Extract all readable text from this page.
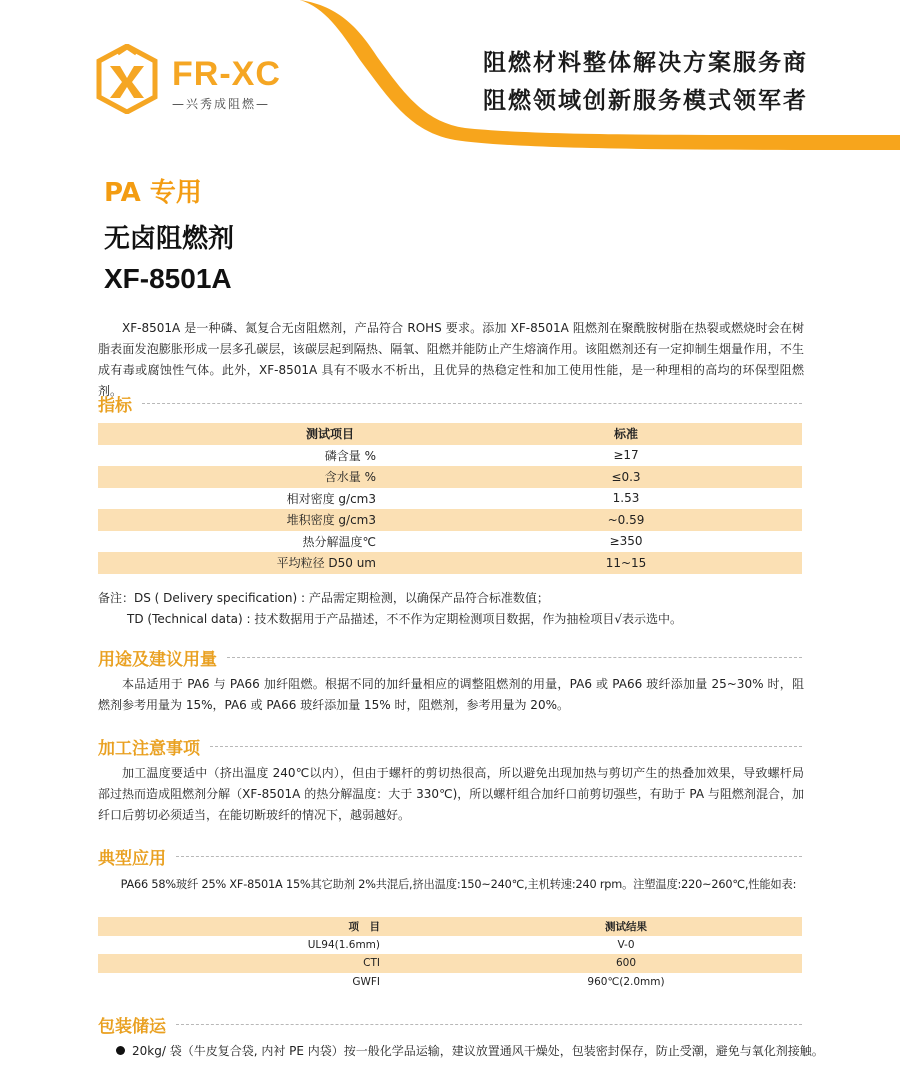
FR-XC
—兴秀成阻燃—
阻燃材料整体解决方案服务商
阻燃领域创新服务模式领军者
PA 专用
无卤阻燃剂
XF-8501A

XF-8501A 是一种磷、氮复合无卤阻燃剂，产品符合 ROHS 要求。添加 XF-8501A 阻燃剂在聚酰胺树脂在热裂或燃烧时会在树脂表面发泡膨胀形成一层多孔碳层，该碳层起到隔热、隔氧、阻燃并能防止产生熔滴作用。该阻燃剂还有一定抑制生烟量作用，不生成有毒或腐蚀性气体。此外，XF-8501A 具有不吸水不析出，且优异的热稳定性和加工使用性能，是一种理相的高均的环保型阻燃剂。

指标
测试项目	标准
磷含量 %	≥17
含水量 %	≤0.3
相对密度 g/cm3	1.53
堆积密度 g/cm3	~0.59
热分解温度℃	≥350
平均粒径 D50 um	11~15
备注：DS ( Delivery specification) : 产品需定期检测，以确保产品符合标准数值；
TD (Technical data) : 技术数据用于产品描述，不不作为定期检测项目数据，作为抽检项目√表示选中。
用途及建议用量

本品适用于 PA6 与 PA66 加纤阻燃。根据不同的加纤量相应的调整阻燃剂的用量，PA6 或 PA66 玻纤添加量 25~30% 时，阻燃剂参考用量为 15%，PA6 或 PA66 玻纤添加量 15% 时，阻燃剂，参考用量为 20%。

加工注意事项

加工温度要适中（挤出温度 240℃以内），但由于螺杆的剪切热很高，所以避免出现加热与剪切产生的热叠加效果，导致螺杆局部过热而造成阻燃剂分解（XF-8501A 的热分解温度：大于 330℃)，所以螺杆组合加纤口前剪切强些，有助于 PA 与阻燃剂混合，加纤口后剪切必须适当，在能切断玻纤的情况下，越弱越好。

典型应用

PA66 58%玻纤 25% XF-8501A 15%其它助剂 2%共混后,挤出温度:150~240℃,主机转速:240 rpm。注塑温度:220~260℃,性能如表:

项　目	测试结果
UL94(1.6mm)	V-0
CTI	600
GWFI	960℃(2.0mm)
包装储运
20kg/ 袋（牛皮复合袋, 内衬 PE 内袋）按一般化学品运输，建议放置通风干燥处，包装密封保存，防止受潮，避免与氧化剂接触。
